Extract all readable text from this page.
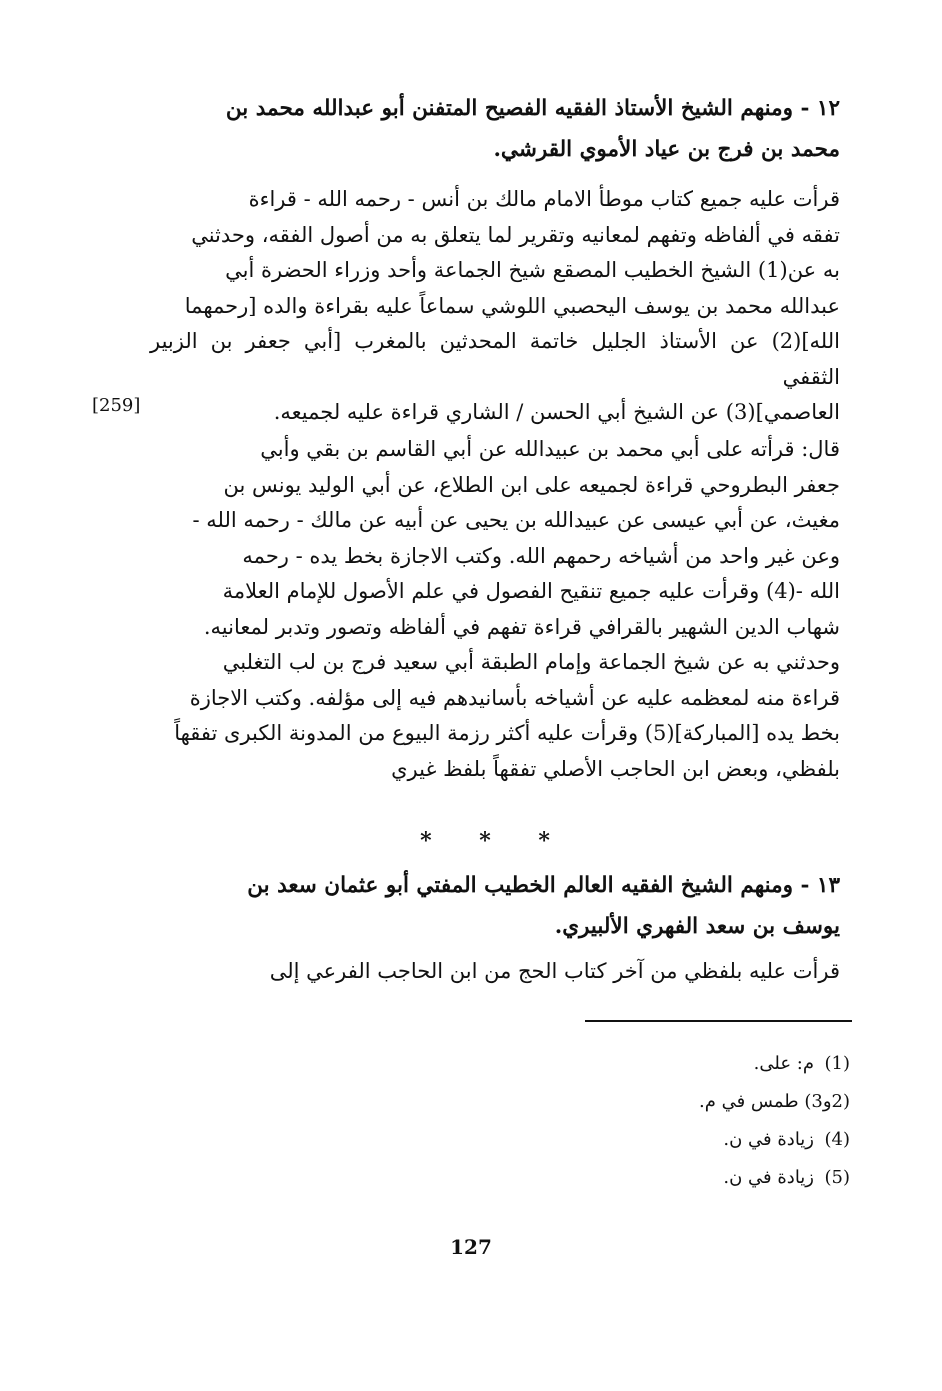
١٢ - ومنهم الشيخ الأستاذ الفقيه الفصيح المتفنن أبو عبدالله محمد بن
محمد بن فرج بن عياد الأموي القرشي.
قرأت عليه جميع كتاب موطأ الامام مالك بن أنس - رحمه الله - قراءة
تفقه في ألفاظه وتفهم لمعانيه وتقرير لما يتعلق به من أصول الفقه، وحدثني
به عن(1) الشيخ الخطيب المصقع شيخ الجماعة وأحد وزراء الحضرة أبي
عبدالله محمد بن يوسف اليحصبي اللوشي سماعاً عليه بقراءة والده [رحمهما
الله](2) عن الأستاذ الجليل خاتمة المحدثين بالمغرب [أبي جعفر بن الزبير الثقفي
العاصمي](3) عن الشيخ أبي الحسن / الشاري قراءة عليه لجميعه.
[259]
قال: قرأته على أبي محمد بن عبيدالله عن أبي القاسم بن بقي وأبي
جعفر البطروحي قراءة لجميعه على ابن الطلاع، عن أبي الوليد يونس بن
مغيث، عن أبي عيسى عن عبيدالله بن يحيى عن أبيه عن مالك - رحمه الله -
وعن غير واحد من أشياخه رحمهم الله. وكتب الاجازة بخط يده - رحمه
الله -(4) وقرأت عليه جميع تنقيح الفصول في علم الأصول للإمام العلامة
شهاب الدين الشهير بالقرافي قراءة تفهم في ألفاظه وتصور وتدبر لمعانيه.
وحدثني به عن شيخ الجماعة وإمام الطبقة أبي سعيد فرج بن لب التغلبي
قراءة منه لمعظمه عليه عن أشياخه بأسانيدهم فيه إلى مؤلفه. وكتب الاجازة
بخط يده [المباركة](5) وقرأت عليه أكثر رزمة البيوع من المدونة الكبرى تفقهاً
بلفظي، وبعض ابن الحاجب الأصلي تفقهاً بلفظ غيري
* * *
١٣ - ومنهم الشيخ الفقيه العالم الخطيب المفتي أبو عثمان سعد بن
يوسف بن سعد الفهري الألبيري.
قرأت عليه بلفظي من آخر كتاب الحج من ابن الحاجب الفرعي إلى
(1)
م: على.
(2و3) طمس في م.
(4)
زيادة في ن.
(5)
زيادة في ن.
127
